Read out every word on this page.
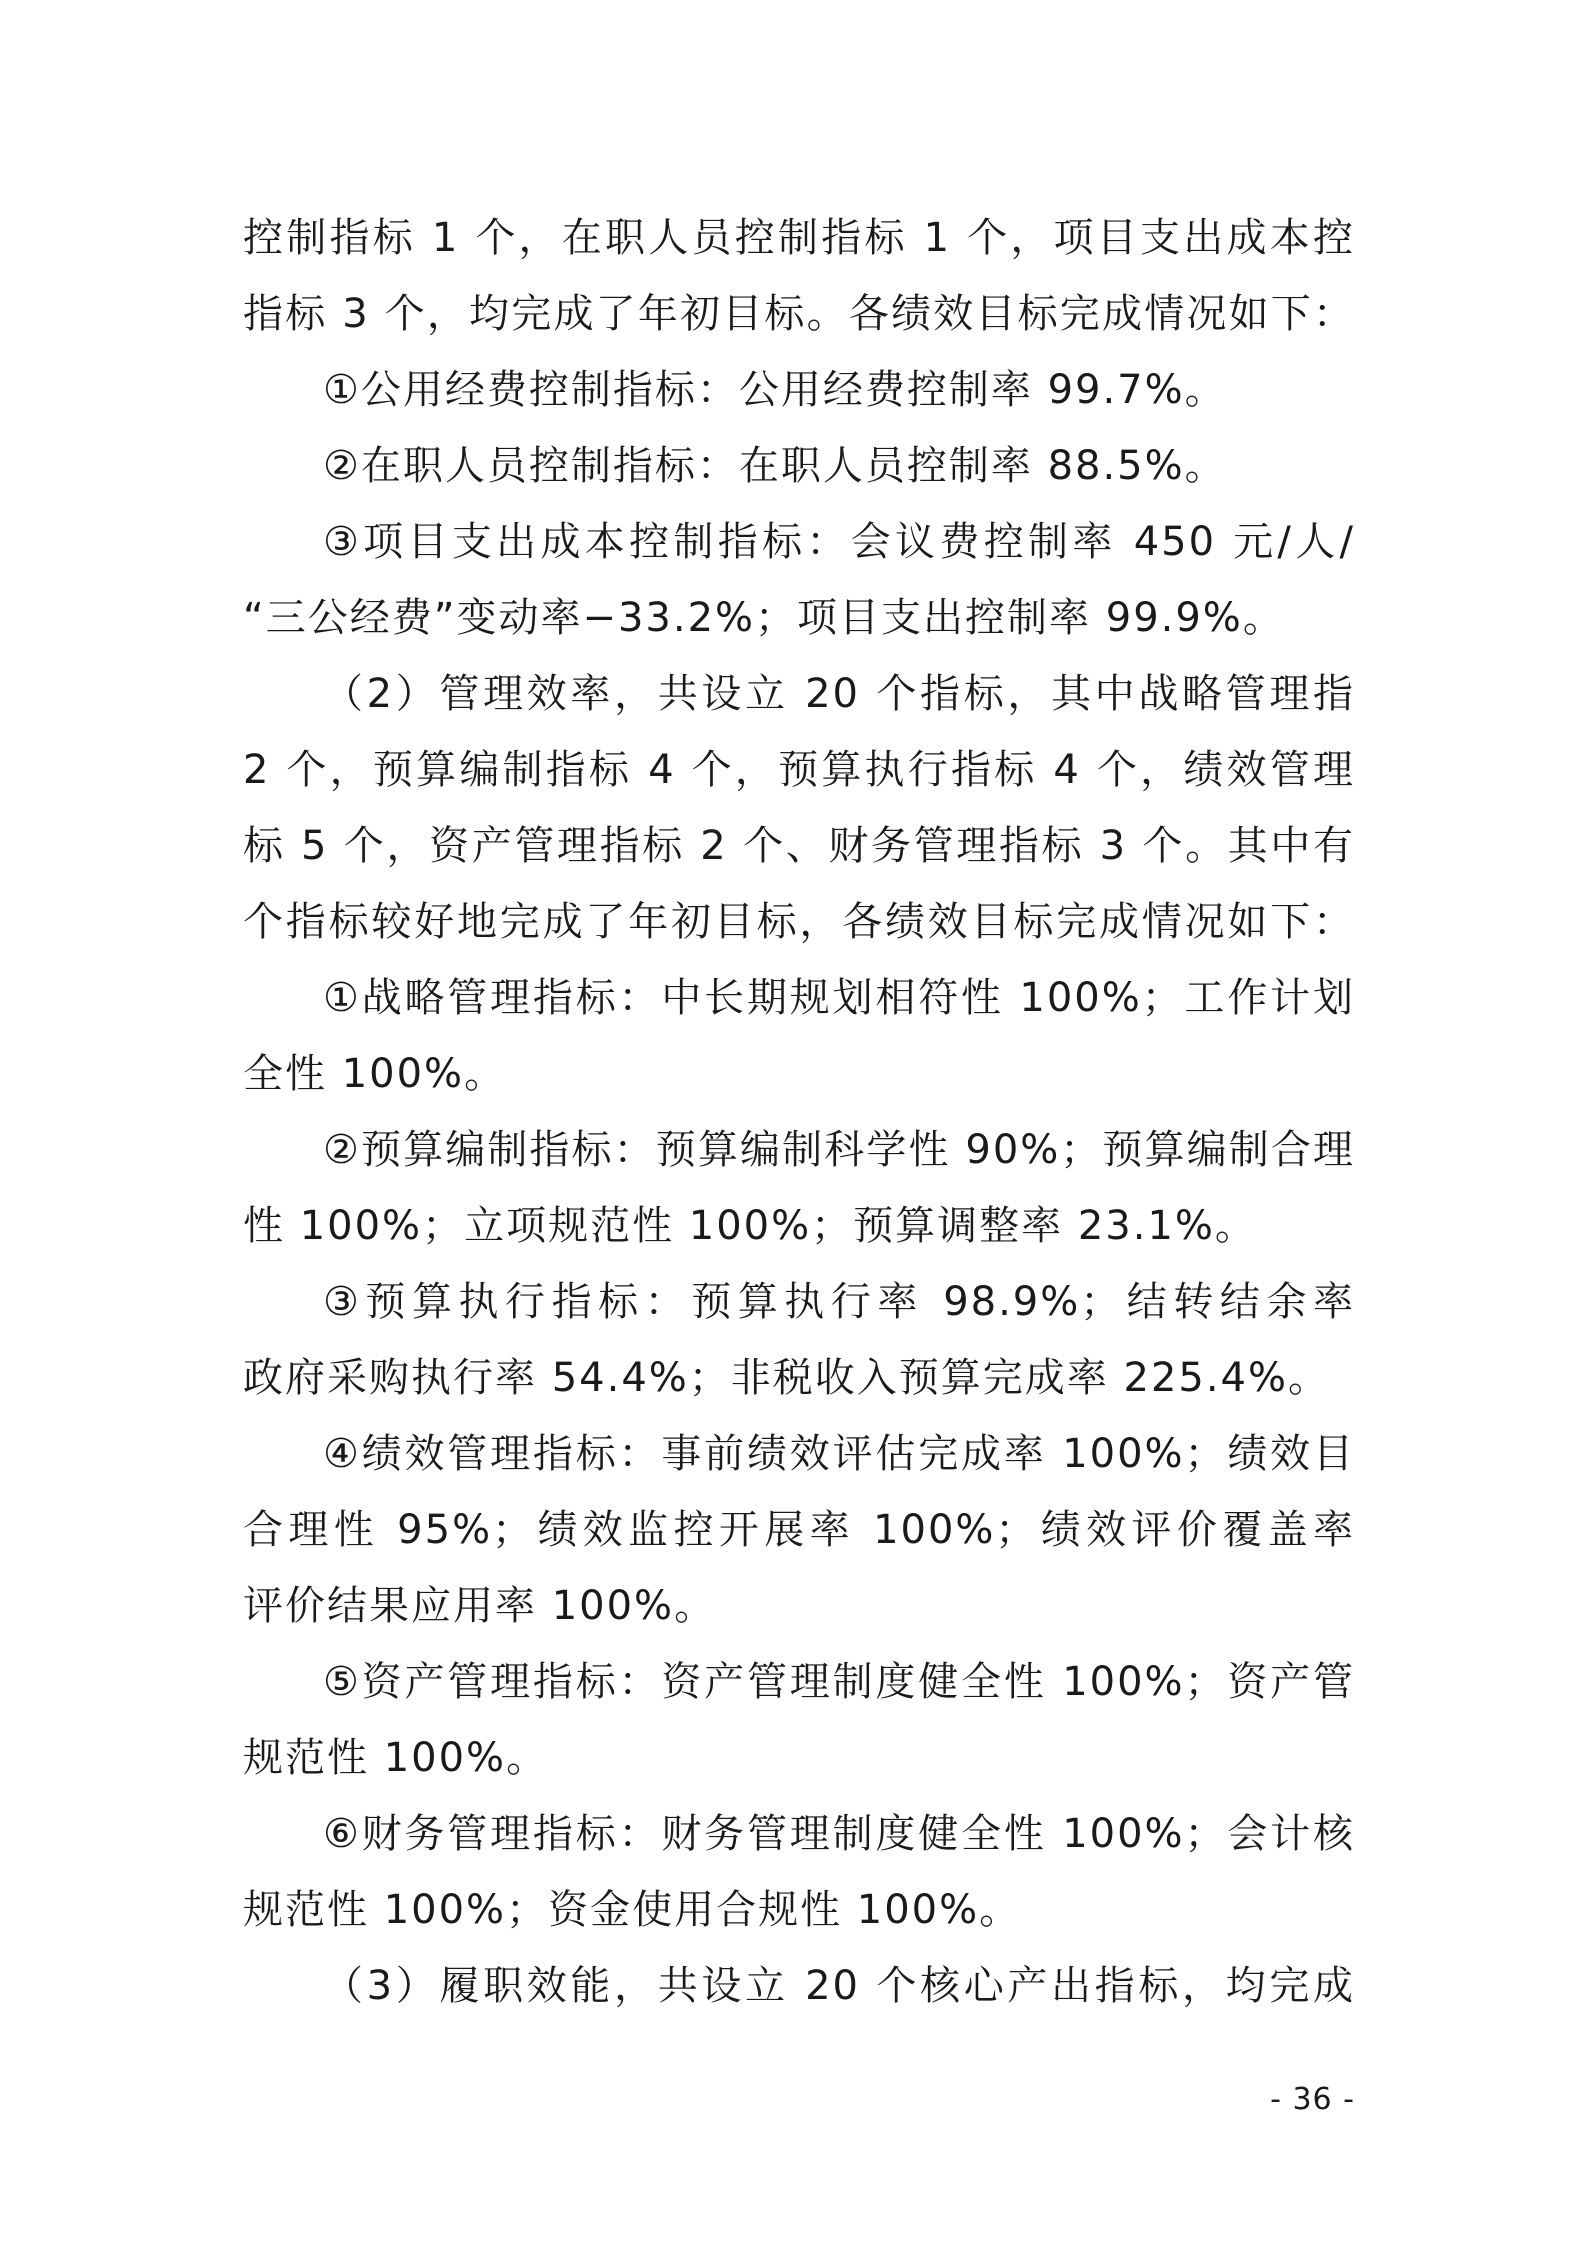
控制指标 1 个，在职人员控制指标 1 个，项目支出成本控
指标 3 个，均完成了年初目标。各绩效目标完成情况如下：
①公用经费控制指标：公用经费控制率 99.7%。
②在职人员控制指标：在职人员控制率 88.5%。
③项目支出成本控制指标：会议费控制率 450 元/人/
“三公经费”变动率−33.2%；项目支出控制率 99.9%。
（2）管理效率，共设立 20 个指标，其中战略管理指
2 个，预算编制指标 4 个，预算执行指标 4 个，绩效管理
标 5 个，资产管理指标 2 个、财务管理指标 3 个。其中有
个指标较好地完成了年初目标，各绩效目标完成情况如下：
①战略管理指标：中长期规划相符性 100%；工作计划
全性 100%。
②预算编制指标：预算编制科学性 90%；预算编制合理
性 100%；立项规范性 100%；预算调整率 23.1%。
③预算执行指标：预算执行率 98.9%；结转结余率
政府采购执行率 54.4%；非税收入预算完成率 225.4%。
④绩效管理指标：事前绩效评估完成率 100%；绩效目
合理性 95%；绩效监控开展率 100%；绩效评价覆盖率
评价结果应用率 100%。
⑤资产管理指标：资产管理制度健全性 100%；资产管
规范性 100%。
⑥财务管理指标：财务管理制度健全性 100%；会计核
规范性 100%；资金使用合规性 100%。
（3）履职效能，共设立 20 个核心产出指标，均完成
- 36 -
